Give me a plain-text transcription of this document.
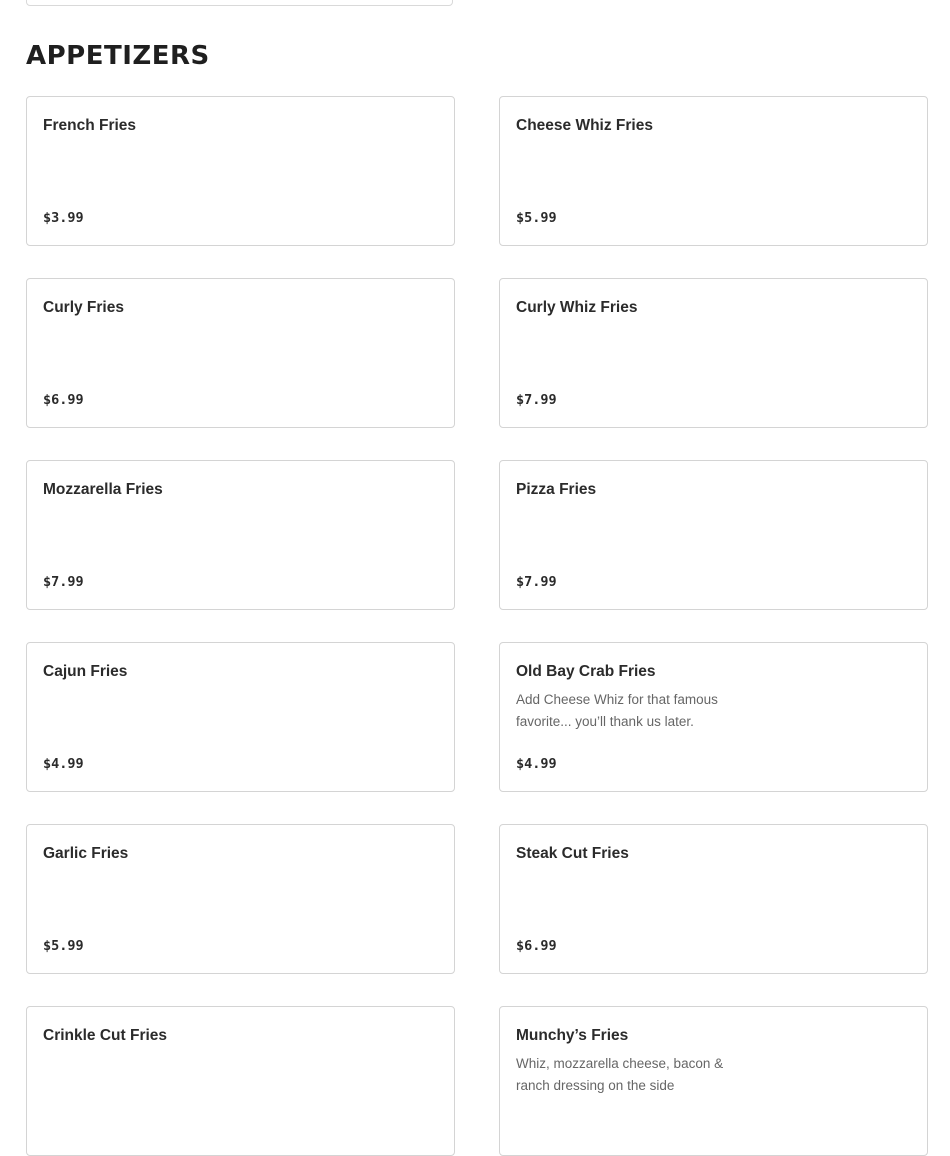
APPETIZERS
French Fries
$3.99
Cheese Whiz Fries
$5.99
Curly Fries
$6.99
Curly Whiz Fries
$7.99
Mozzarella Fries
$7.99
Pizza Fries
$7.99
Cajun Fries
$4.99
Old Bay Crab Fries
Add Cheese Whiz for that famous favorite... you’ll thank us later.
$4.99
Garlic Fries
$5.99
Steak Cut Fries
$6.99
Crinkle Cut Fries	Munchy’s Fries
Whiz, mozzarella cheese, bacon & ranch dressing on the side
